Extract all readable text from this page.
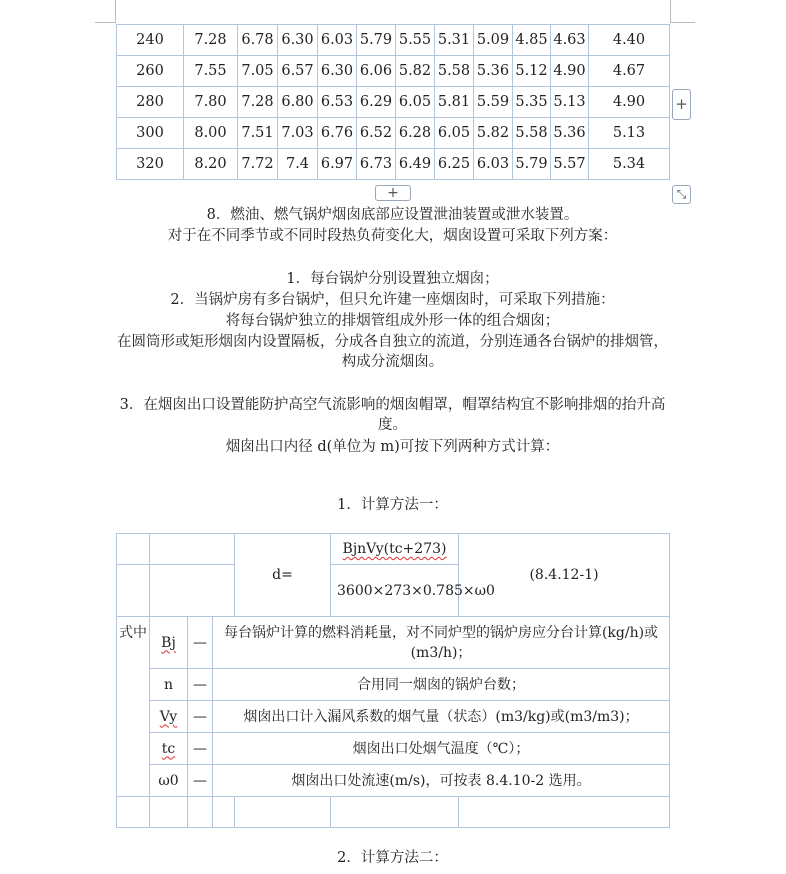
240	7.28	6.78	6.30	6.03	5.79	5.55	5.31	5.09	4.85	4.63	4.40
260	7.55	7.05	6.57	6.30	6.06	5.82	5.58	5.36	5.12	4.90	4.67
280	7.80	7.28	6.80	6.53	6.29	6.05	5.81	5.59	5.35	5.13	4.90
300	8.00	7.51	7.03	6.76	6.52	6.28	6.05	5.82	5.58	5.36	5.13
320	8.20	7.72	7.4	6.97	6.73	6.49	6.25	6.03	5.79	5.57	5.34
+
+	⤡
8．燃油、燃气锅炉烟囱底部应设置泄油装置或泄水装置。
对于在不同季节或不同时段热负荷变化大，烟囱设置可采取下列方案：
1．每台锅炉分别设置独立烟囱；
2．当锅炉房有多台锅炉，但只允许建一座烟囱时，可采取下列措施：
将每台锅炉独立的排烟管组成外形一体的组合烟囱；
在圆筒形或矩形烟囱内设置隔板，分成各自独立的流道，分别连通各台锅炉的排烟管，构成分流烟囱。
3．在烟囱出口设置能防护高空气流影响的烟囱帽罩，帽罩结构宜不影响排烟的抬升高度。
烟囱出口内径 d(单位为 m)可按下列两种方式计算：
1．计算方法一：
				d=	BjnVy(tc+273)	(8.4.12-1)
					3600×273×0.785×ω0	
式中	Bj	—	每台锅炉计算的燃料消耗量，对不同炉型的锅炉房应分台计算(kg/h)或(m3/h)；			
	n	—	合用同一烟囱的锅炉台数；			
	Vy	—	烟囱出口计入漏风系数的烟气量（状态）(m3/kg)或(m3/m3)；			
	tc	—	烟囱出口处烟气温度（℃）；			
	ω0	—	烟囱出口处流速(m/s)，可按表 8.4.10-2 选用。			

2．计算方法二：
